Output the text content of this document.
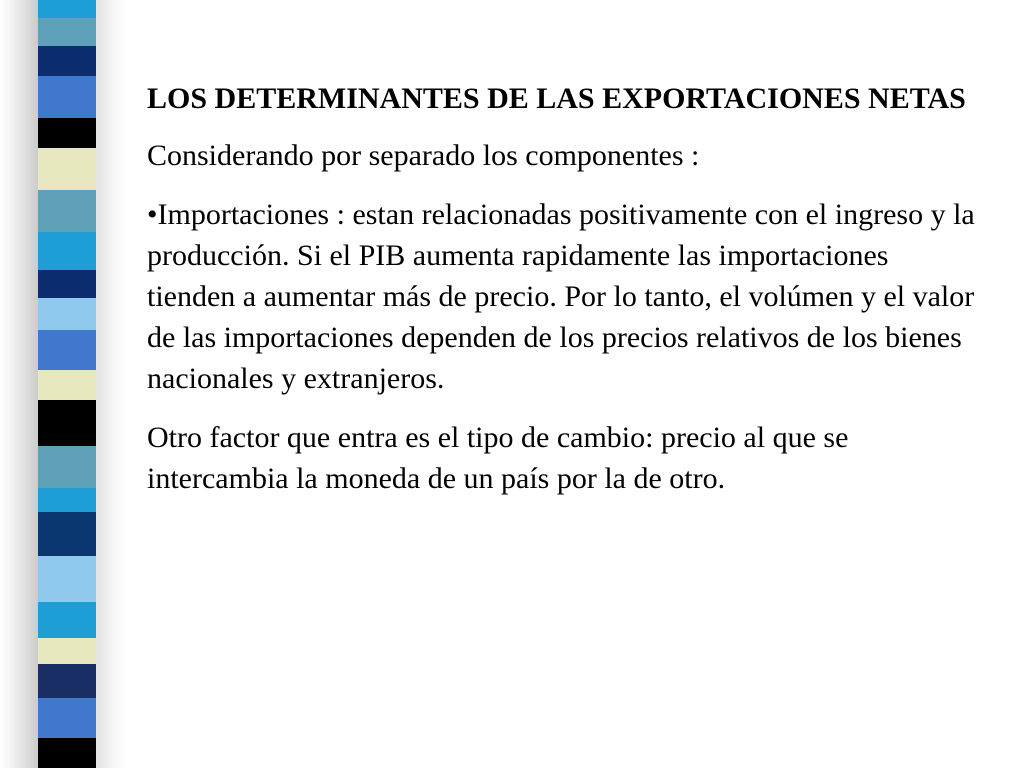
LOS DETERMINANTES DE LAS EXPORTACIONES NETAS
Considerando por separado los componentes :
•Importaciones : estan relacionadas positivamente con el ingreso y la producción. Si el PIB aumenta rapidamente las importaciones tienden a aumentar más de precio. Por lo tanto, el volúmen y el valor de las importaciones dependen de los precios relativos de los bienes nacionales y extranjeros.
Otro factor que entra es el tipo de cambio: precio al que se intercambia la moneda de un país por la de otro.
